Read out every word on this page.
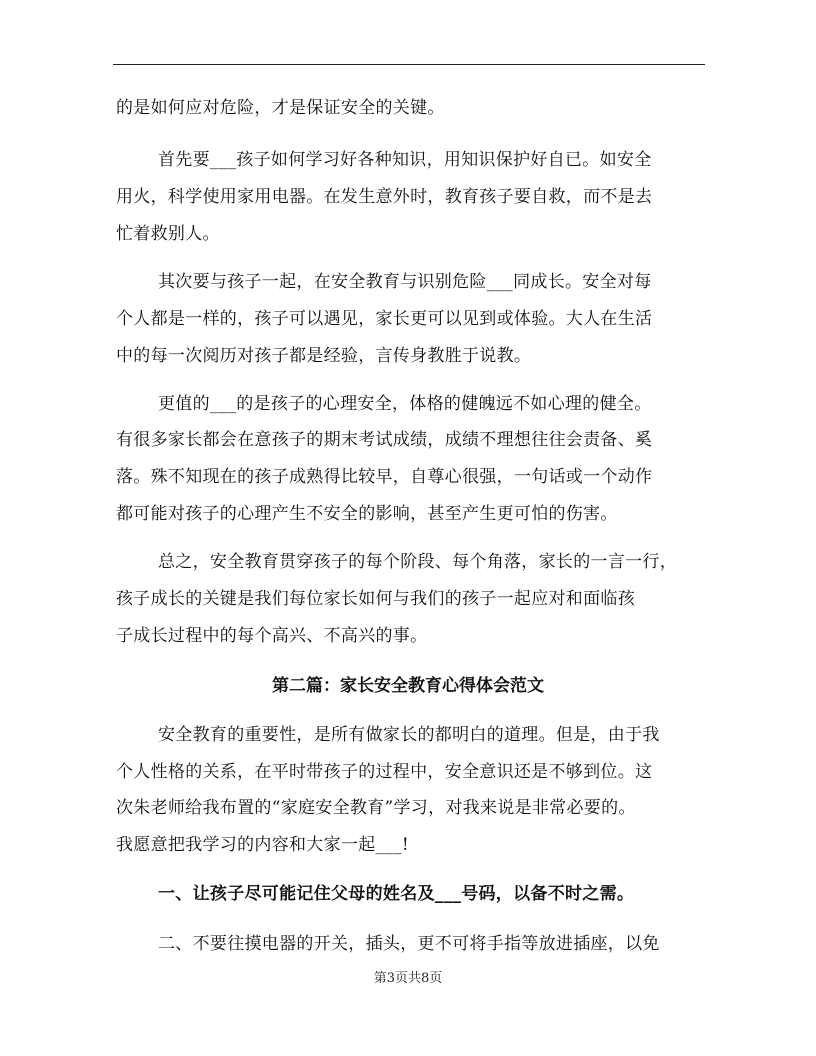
的是如何应对危险，才是保证安全的关键。
首先要___孩子如何学习好各种知识，用知识保护好自已。如安全
用火，科学使用家用电器。在发生意外时，教育孩子要自救，而不是去
忙着救别人。
其次要与孩子一起，在安全教育与识别危险___同成长。安全对每
个人都是一样的，孩子可以遇见，家长更可以见到或体验。大人在生活
中的每一次阅历对孩子都是经验，言传身教胜于说教。
更值的___的是孩子的心理安全，体格的健魄远不如心理的健全。
有很多家长都会在意孩子的期末考试成绩，成绩不理想往往会责备、奚
落。殊不知现在的孩子成熟得比较早，自尊心很强，一句话或一个动作
都可能对孩子的心理产生不安全的影响，甚至产生更可怕的伤害。
总之，安全教育贯穿孩子的每个阶段、每个角落，家长的一言一行，
孩子成长的关键是我们每位家长如何与我们的孩子一起应对和面临孩
子成长过程中的每个高兴、不高兴的事。
第二篇：家长安全教育心得体会范文
安全教育的重要性，是所有做家长的都明白的道理。但是，由于我
个人性格的关系，在平时带孩子的过程中，安全意识还是不够到位。这
次朱老师给我布置的“家庭安全教育”学习，对我来说是非常必要的。
我愿意把我学习的内容和大家一起___!
一、让孩子尽可能记住父母的姓名及___号码，以备不时之需。
二、不要往摸电器的开关，插头，更不可将手指等放进插座，以免
第3页共8页
